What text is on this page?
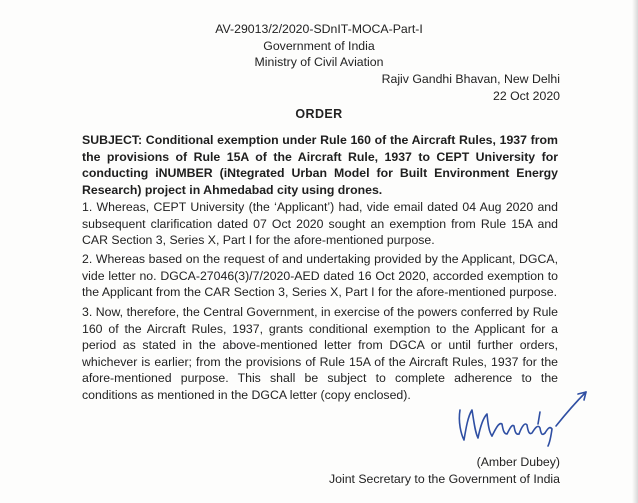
AV-29013/2/2020-SDnIT-MOCA-Part-I
Government of India
Ministry of Civil Aviation
Rajiv Gandhi Bhavan, New Delhi
22 Oct 2020
ORDER
SUBJECT: Conditional exemption under Rule 160 of the Aircraft Rules, 1937 from the provisions of Rule 15A of the Aircraft Rule, 1937 to CEPT University for conducting iNUMBER (iNtegrated Urban Model for Built Environment Energy Research) project in Ahmedabad city using drones.
1. Whereas, CEPT University (the ‘Applicant’) had, vide email dated 04 Aug 2020 and subsequent clarification dated 07 Oct 2020 sought an exemption from Rule 15A and CAR Section 3, Series X, Part I for the afore-mentioned purpose.
2. Whereas based on the request of and undertaking provided by the Applicant, DGCA, vide letter no. DGCA-27046(3)/7/2020-AED dated 16 Oct 2020, accorded exemption to the Applicant from the CAR Section 3, Series X, Part I for the afore-mentioned purpose.
3. Now, therefore, the Central Government, in exercise of the powers conferred by Rule 160 of the Aircraft Rules, 1937, grants conditional exemption to the Applicant for a period as stated in the above-mentioned letter from DGCA or until further orders, whichever is earlier; from the provisions of Rule 15A of the Aircraft Rules, 1937 for the afore-mentioned purpose. This shall be subject to complete adherence to the conditions as mentioned in the DGCA letter (copy enclosed).
(Amber Dubey)
Joint Secretary to the Government of India
